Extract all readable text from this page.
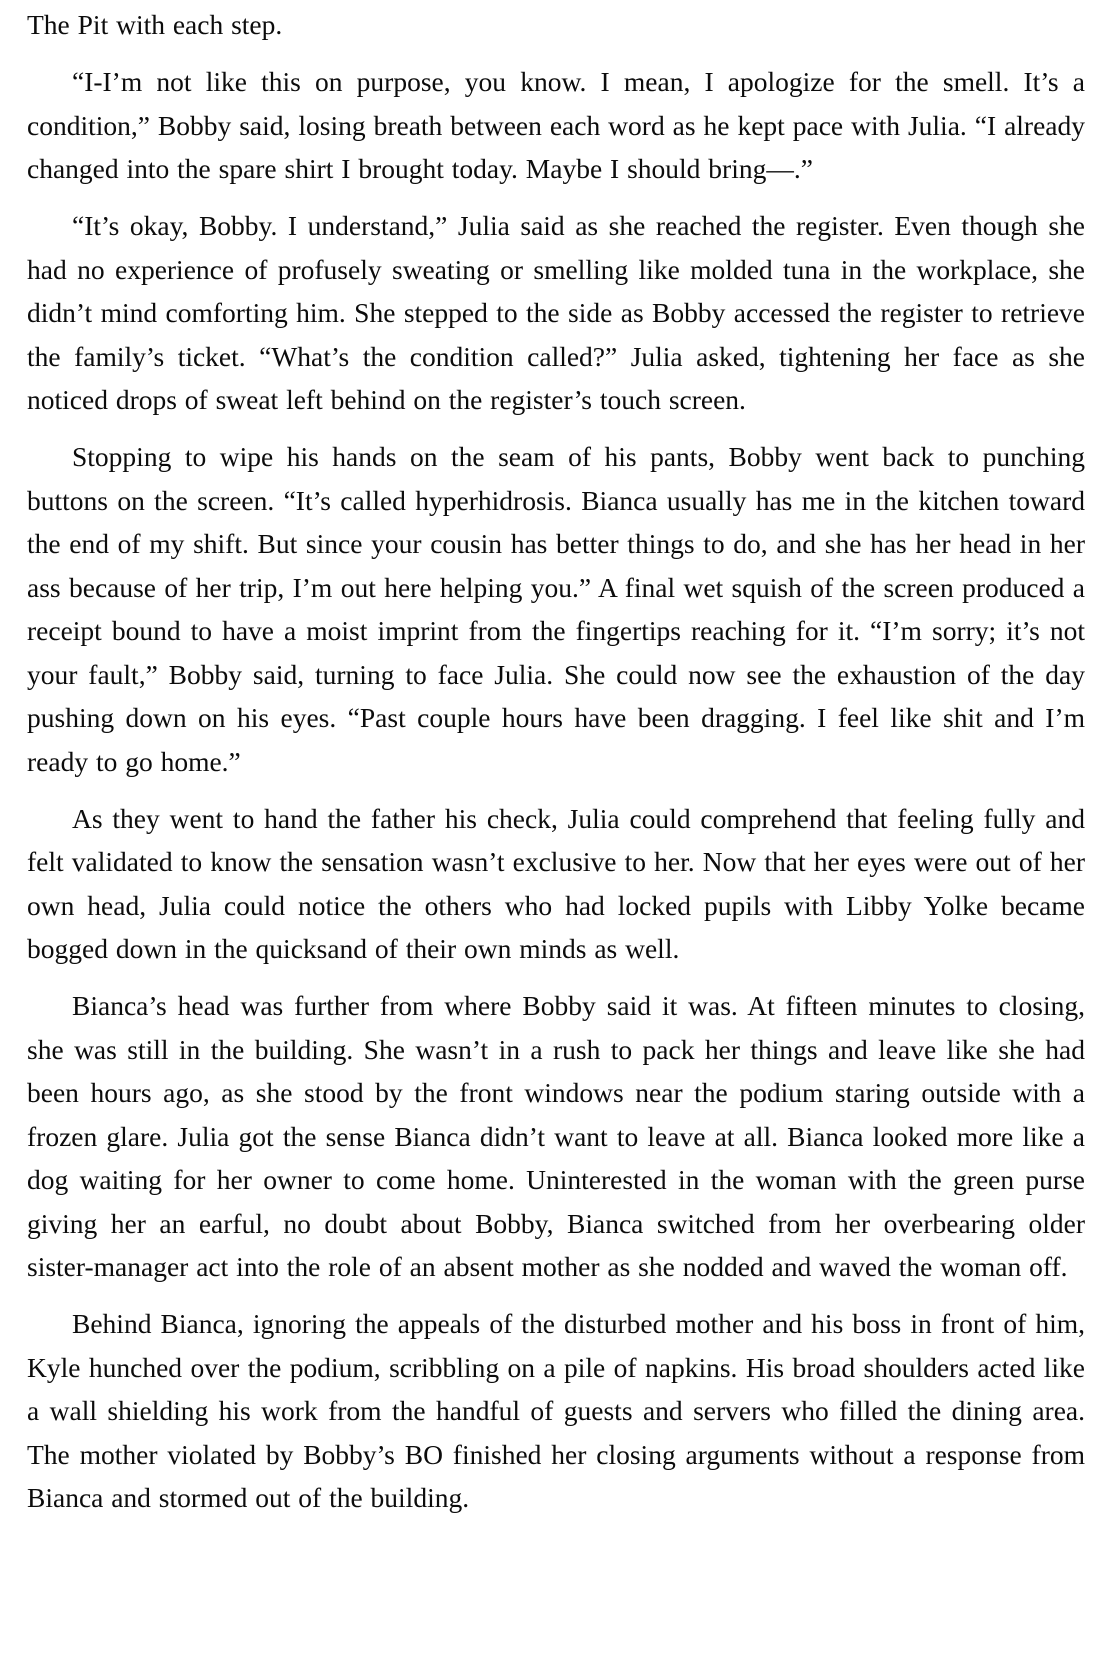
The Pit with each step.

“I-I’m not like this on purpose, you know. I mean, I apologize for the smell. It’s a condition,” Bobby said, losing breath between each word as he kept pace with Julia. “I already changed into the spare shirt I brought today. Maybe I should bring—.”

“It’s okay, Bobby. I understand,” Julia said as she reached the register. Even though she had no experience of profusely sweating or smelling like molded tuna in the workplace, she didn’t mind comforting him. She stepped to the side as Bobby accessed the register to retrieve the family’s ticket. “What’s the condition called?” Julia asked, tightening her face as she noticed drops of sweat left behind on the register’s touch screen.

Stopping to wipe his hands on the seam of his pants, Bobby went back to punching buttons on the screen. “It’s called hyperhidrosis. Bianca usually has me in the kitchen toward the end of my shift. But since your cousin has better things to do, and she has her head in her ass because of her trip, I’m out here helping you.” A final wet squish of the screen produced a receipt bound to have a moist imprint from the fingertips reaching for it. “I’m sorry; it’s not your fault,” Bobby said, turning to face Julia. She could now see the exhaustion of the day pushing down on his eyes. “Past couple hours have been dragging. I feel like shit and I’m ready to go home.”

As they went to hand the father his check, Julia could comprehend that feeling fully and felt validated to know the sensation wasn’t exclusive to her. Now that her eyes were out of her own head, Julia could notice the others who had locked pupils with Libby Yolke became bogged down in the quicksand of their own minds as well.

Bianca’s head was further from where Bobby said it was. At fifteen minutes to closing, she was still in the building. She wasn’t in a rush to pack her things and leave like she had been hours ago, as she stood by the front windows near the podium staring outside with a frozen glare. Julia got the sense Bianca didn’t want to leave at all. Bianca looked more like a dog waiting for her owner to come home. Uninterested in the woman with the green purse giving her an earful, no doubt about Bobby, Bianca switched from her overbearing older sister-manager act into the role of an absent mother as she nodded and waved the woman off.

Behind Bianca, ignoring the appeals of the disturbed mother and his boss in front of him, Kyle hunched over the podium, scribbling on a pile of napkins. His broad shoulders acted like a wall shielding his work from the handful of guests and servers who filled the dining area. The mother violated by Bobby’s BO finished her closing arguments without a response from Bianca and stormed out of the building.
